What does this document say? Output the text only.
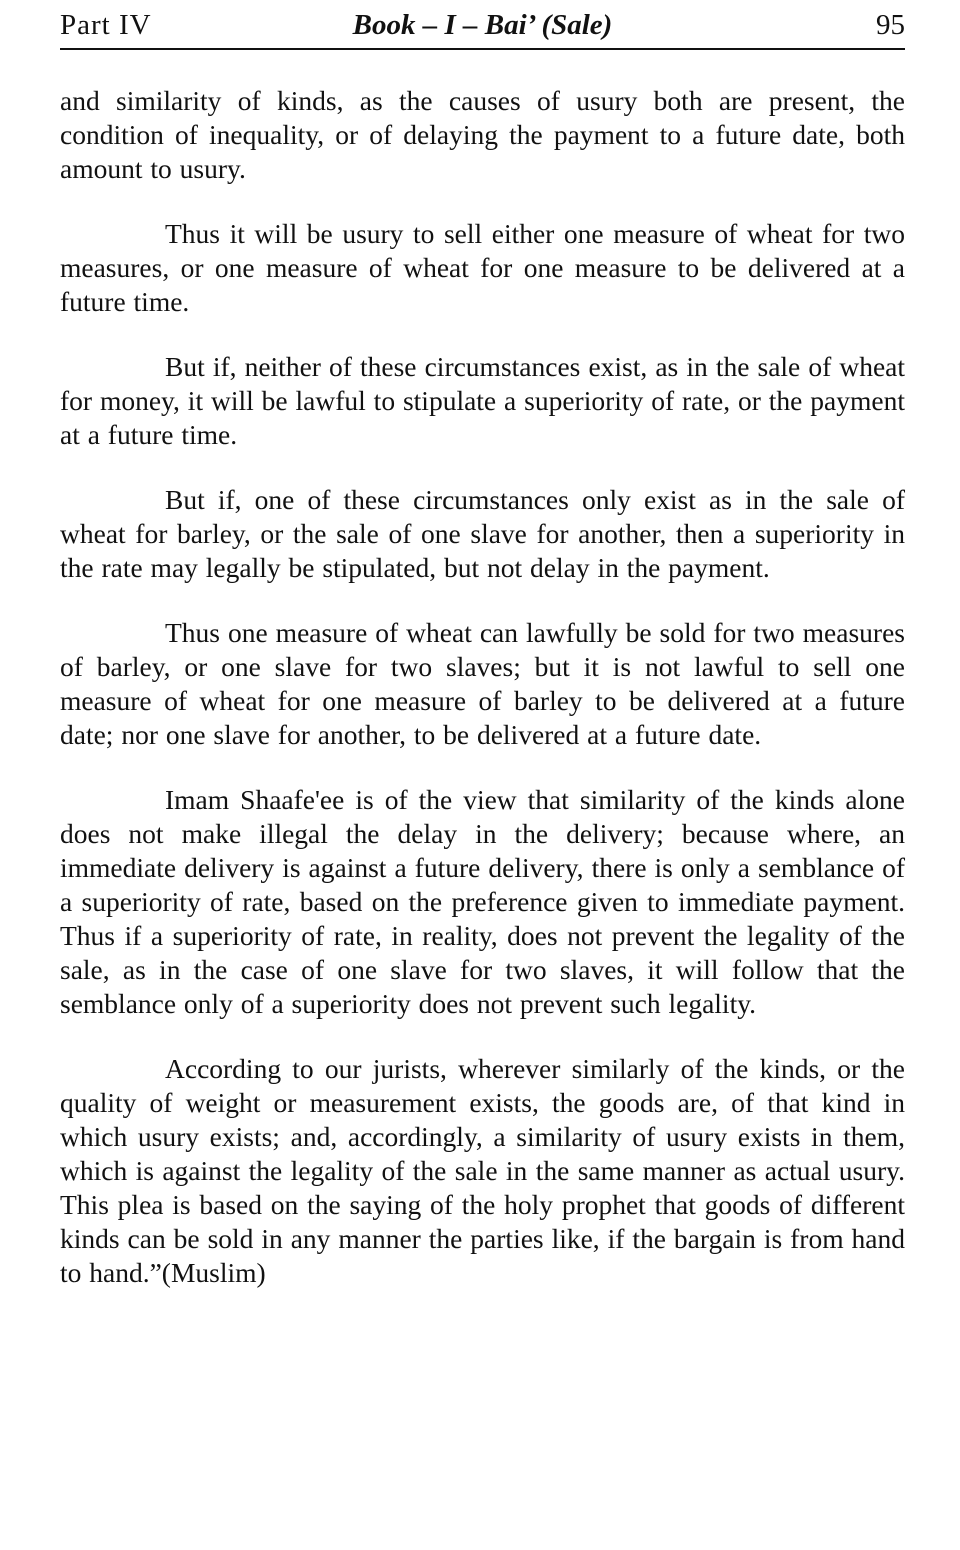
Part IV	Book – I – Bai’ (Sale)	95

and similarity of kinds, as the causes of usury both are present, the condition of inequality, or of delaying the payment to a future date, both amount to usury.

Thus it will be usury to sell either one measure of wheat for two measures, or one measure of wheat for one measure to be delivered at a future time.

But if, neither of these circumstances exist, as in the sale of wheat for money, it will be lawful to stipulate a superiority of rate, or the payment at a future time.

But if, one of these circumstances only exist as in the sale of wheat for barley, or the sale of one slave for another, then a superiority in the rate may legally be stipulated, but not delay in the payment.

Thus one measure of wheat can lawfully be sold for two measures of barley, or one slave for two slaves; but it is not lawful to sell one measure of wheat for one measure of barley to be delivered at a future date; nor one slave for another, to be delivered at a future date.

Imam Shaafe'ee is of the view that similarity of the kinds alone does not make illegal the delay in the delivery; because where, an immediate delivery is against a future delivery, there is only a semblance of a superiority of rate, based on the preference given to immediate payment. Thus if a superiority of rate, in reality, does not prevent the legality of the sale, as in the case of one slave for two slaves, it will follow that the semblance only of a superiority does not prevent such legality.

According to our jurists, wherever similarly of the kinds, or the quality of weight or measurement exists, the goods are, of that kind in which usury exists; and, accordingly, a similarity of usury exists in them, which is against the legality of the sale in the same manner as actual usury. This plea is based on the saying of the holy prophet that goods of different kinds can be sold in any manner the parties like, if the bargain is from hand to hand.”(Muslim)
